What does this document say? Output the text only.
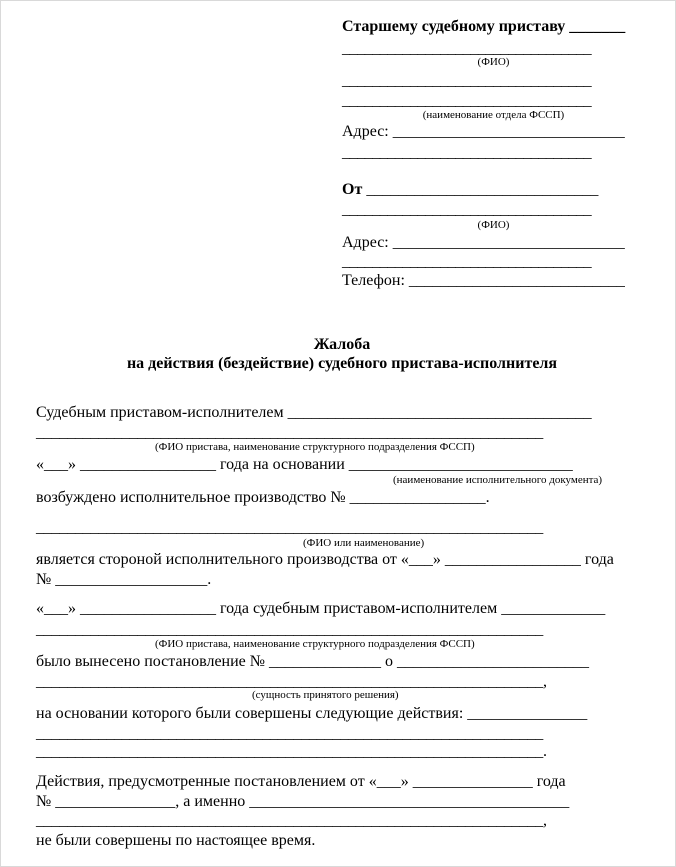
Старшему судебному приставу _______
_________________________________
(ФИО)
_________________________________
_________________________________
(наименование отдела ФССП)
Адрес: _____________________________
_________________________________
От _____________________________
_________________________________
(ФИО)
Адрес: _____________________________
_________________________________
Телефон: ___________________________
Жалоба
на действия (бездействие) судебного пристава-исполнителя
Судебным приставом-исполнителем ______________________________________
_________________________________________________________________
(ФИО пристава, наименование структурного подразделения ФССП)
«___» _________________ года на основании ____________________________
(наименование исполнительного документа)
возбуждено исполнительное производство № _________________.
_________________________________________________________________
(ФИО или наименование)
является стороной исполнительного производства от «___» _________________ года
№ ___________________.
«___» _________________ года судебным приставом-исполнителем _____________
_________________________________________________________________
(ФИО пристава, наименование структурного подразделения ФССП)
было вынесено постановление № ______________ о ________________________
_________________________________________________________________,
(сущность принятого решения)
на основании которого были совершены следующие действия: _______________
_________________________________________________________________
_________________________________________________________________.
Действия, предусмотренные постановлением от «___» _______________ года
№ _______________, а именно ________________________________________
_________________________________________________________________,
не были совершены по настоящее время.
